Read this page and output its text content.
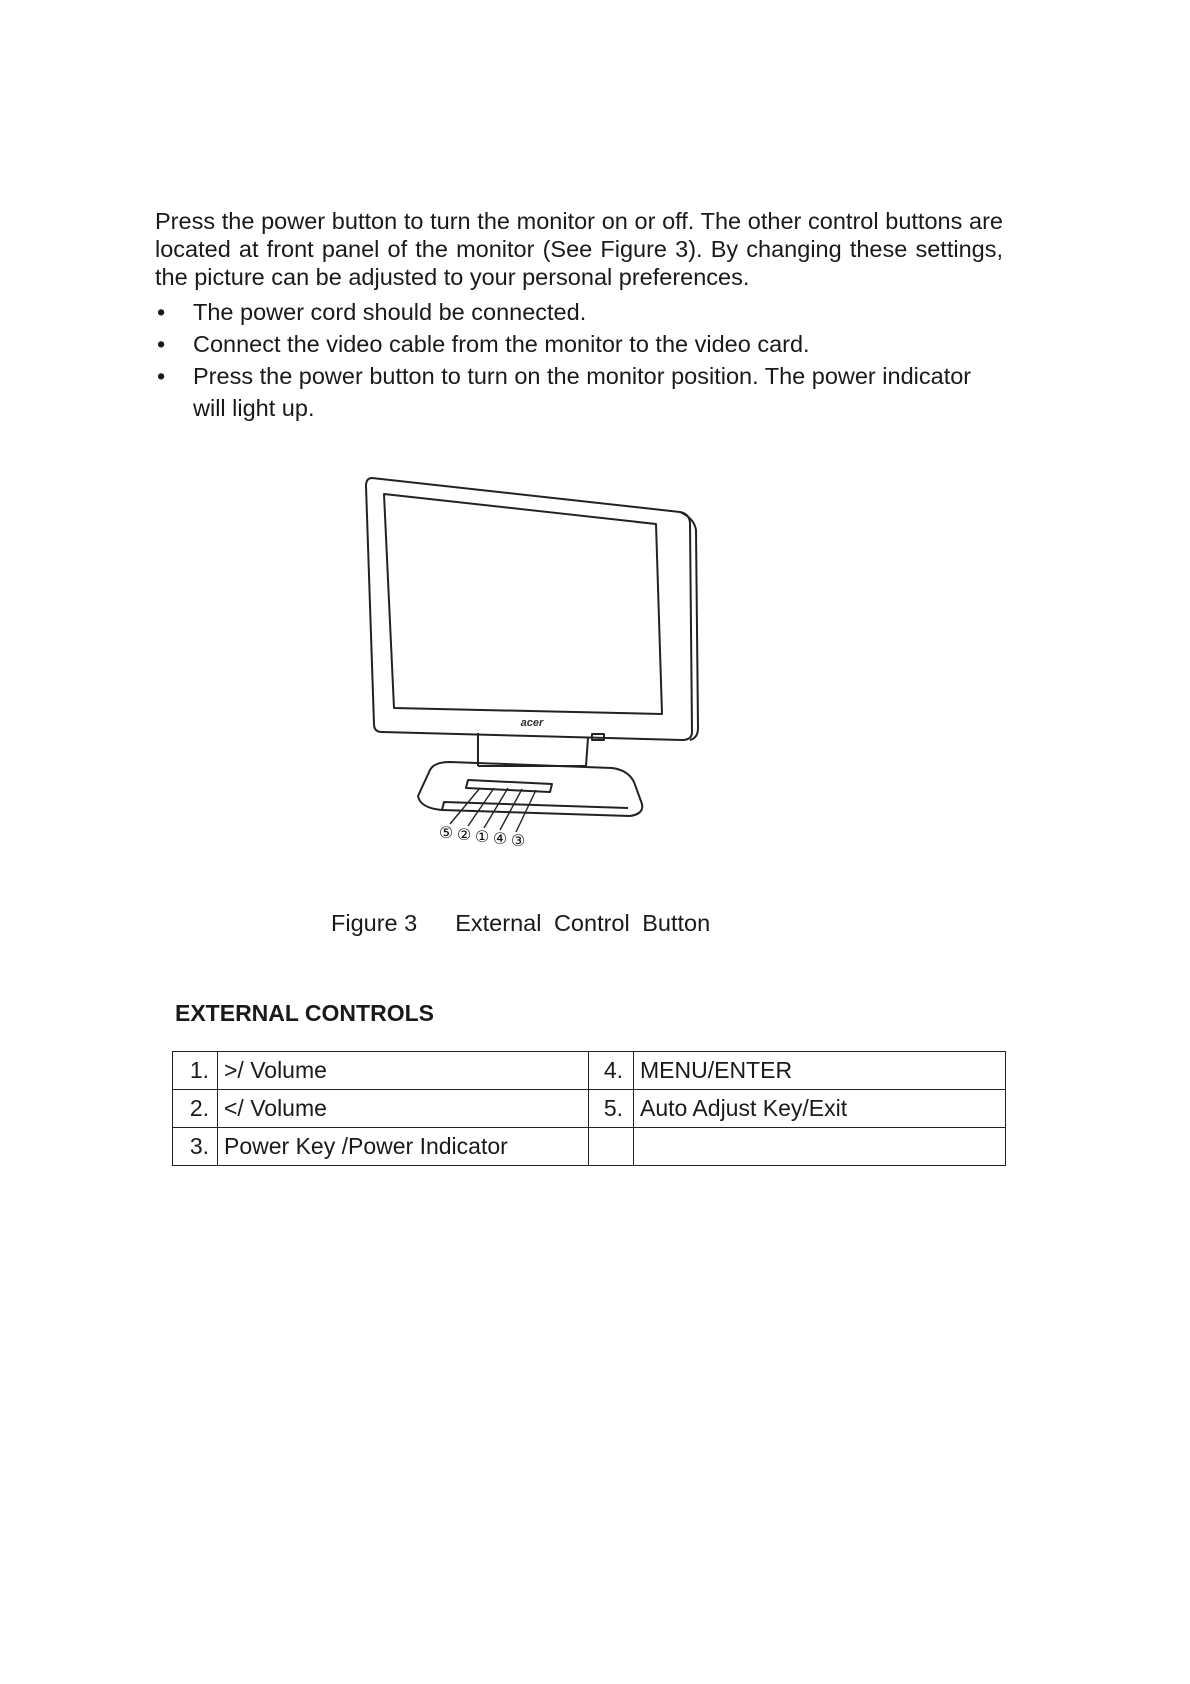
Press the power button to turn the monitor on or off. The other control buttons are located at front panel of the monitor (See Figure 3). By changing these settings, the picture can be adjusted to your personal preferences.

• The power cord should be connected.
• Connect the video cable from the monitor to the video card.
• Press the power button to turn on the monitor position. The power indicator will light up.
acer
⑤ ② ① ④ ③
Figure 3 External Control Button
EXTERNAL CONTROLS
1.	>/ Volume	4.	MENU/ENTER
2.	</ Volume	5.	Auto Adjust Key/Exit
3.	Power Key /Power Indicator		
